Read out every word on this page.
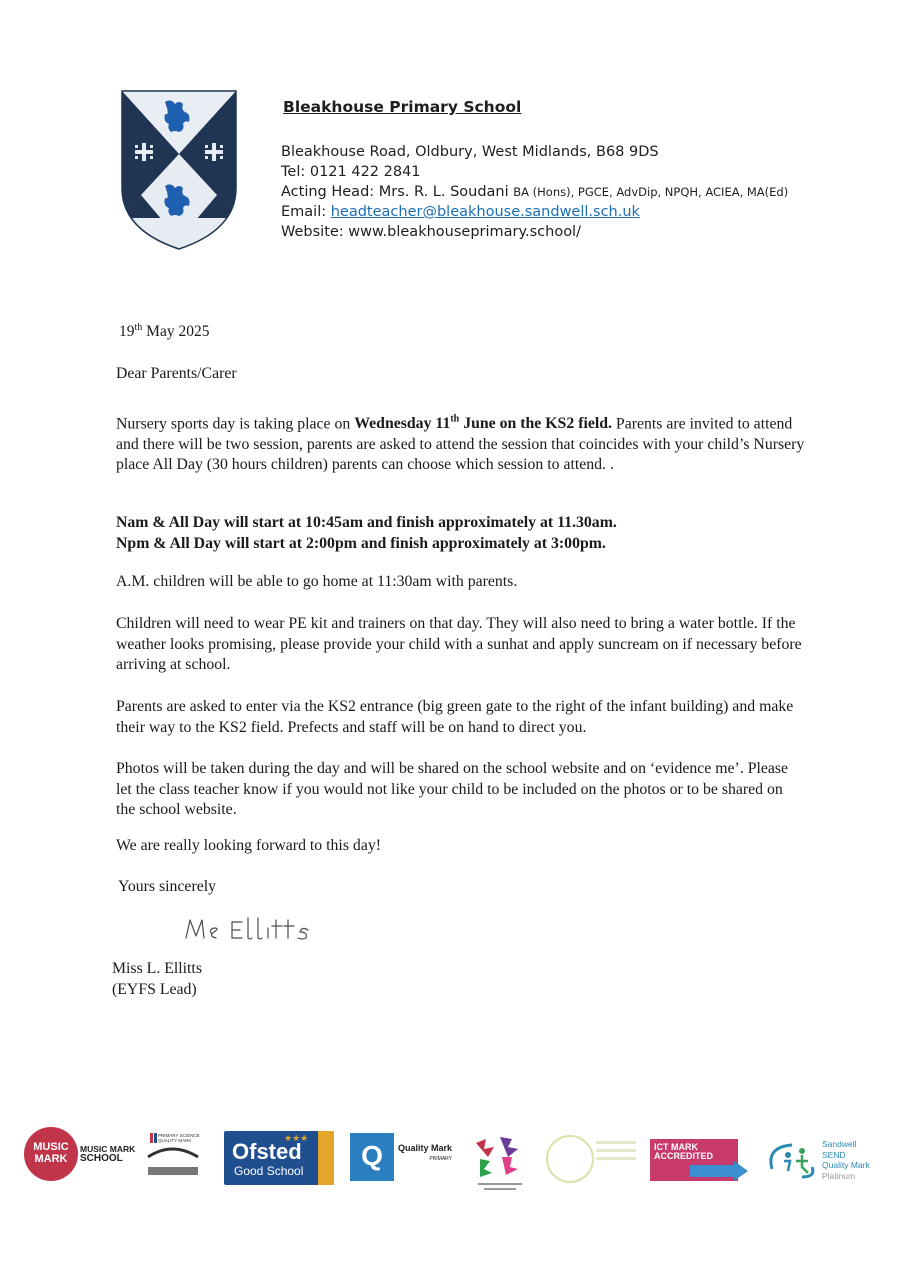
Bleakhouse Primary School
Bleakhouse Road, Oldbury, West Midlands, B68 9DS
Tel: 0121 422 2841
Acting Head: Mrs. R. L. Soudani BA (Hons), PGCE, AdvDip, NPQH, ACIEA, MA(Ed)
Email: headteacher@bleakhouse.sandwell.sch.uk
Website: www.bleakhouseprimary.school/
19th May 2025
Dear Parents/Carer
Nursery sports day is taking place on Wednesday 11th June on the KS2 field. Parents are invited to attend and there will be two session, parents are asked to attend the session that coincides with your child’s Nursery place All Day (30 hours children) parents can choose which session to attend. .
Nam & All Day will start at 10:45am and finish approximately at 11.30am.
Npm & All Day will start at 2:00pm and finish approximately at 3:00pm.
A.M. children will be able to go home at 11:30am with parents.
Children will need to wear PE kit and trainers on that day. They will also need to bring a water bottle. If the weather looks promising, please provide your child with a sunhat and apply suncream on if necessary before arriving at school.
Parents are asked to enter via the KS2 entrance (big green gate to the right of the infant building) and make their way to the KS2 field. Prefects and staff will be on hand to direct you.
Photos will be taken during the day and will be shared on the school website and on ‘evidence me’. Please let the class teacher know if you would not like your child to be included on the photos or to be shared on the school website.
We are really looking forward to this day!
Yours sincerely
Miss L. Ellitts
(EYFS Lead)
MUSIC MARK
MUSIC MARK
SCHOOL
PRIMARY SCIENCE QUALITY MARK	Ofsted
Good School
★★★
Q	Quality Mark
PRIMARY
ICT MARK
ACCREDITED
Sandwell
SEND
Quality Mark
Platinum
